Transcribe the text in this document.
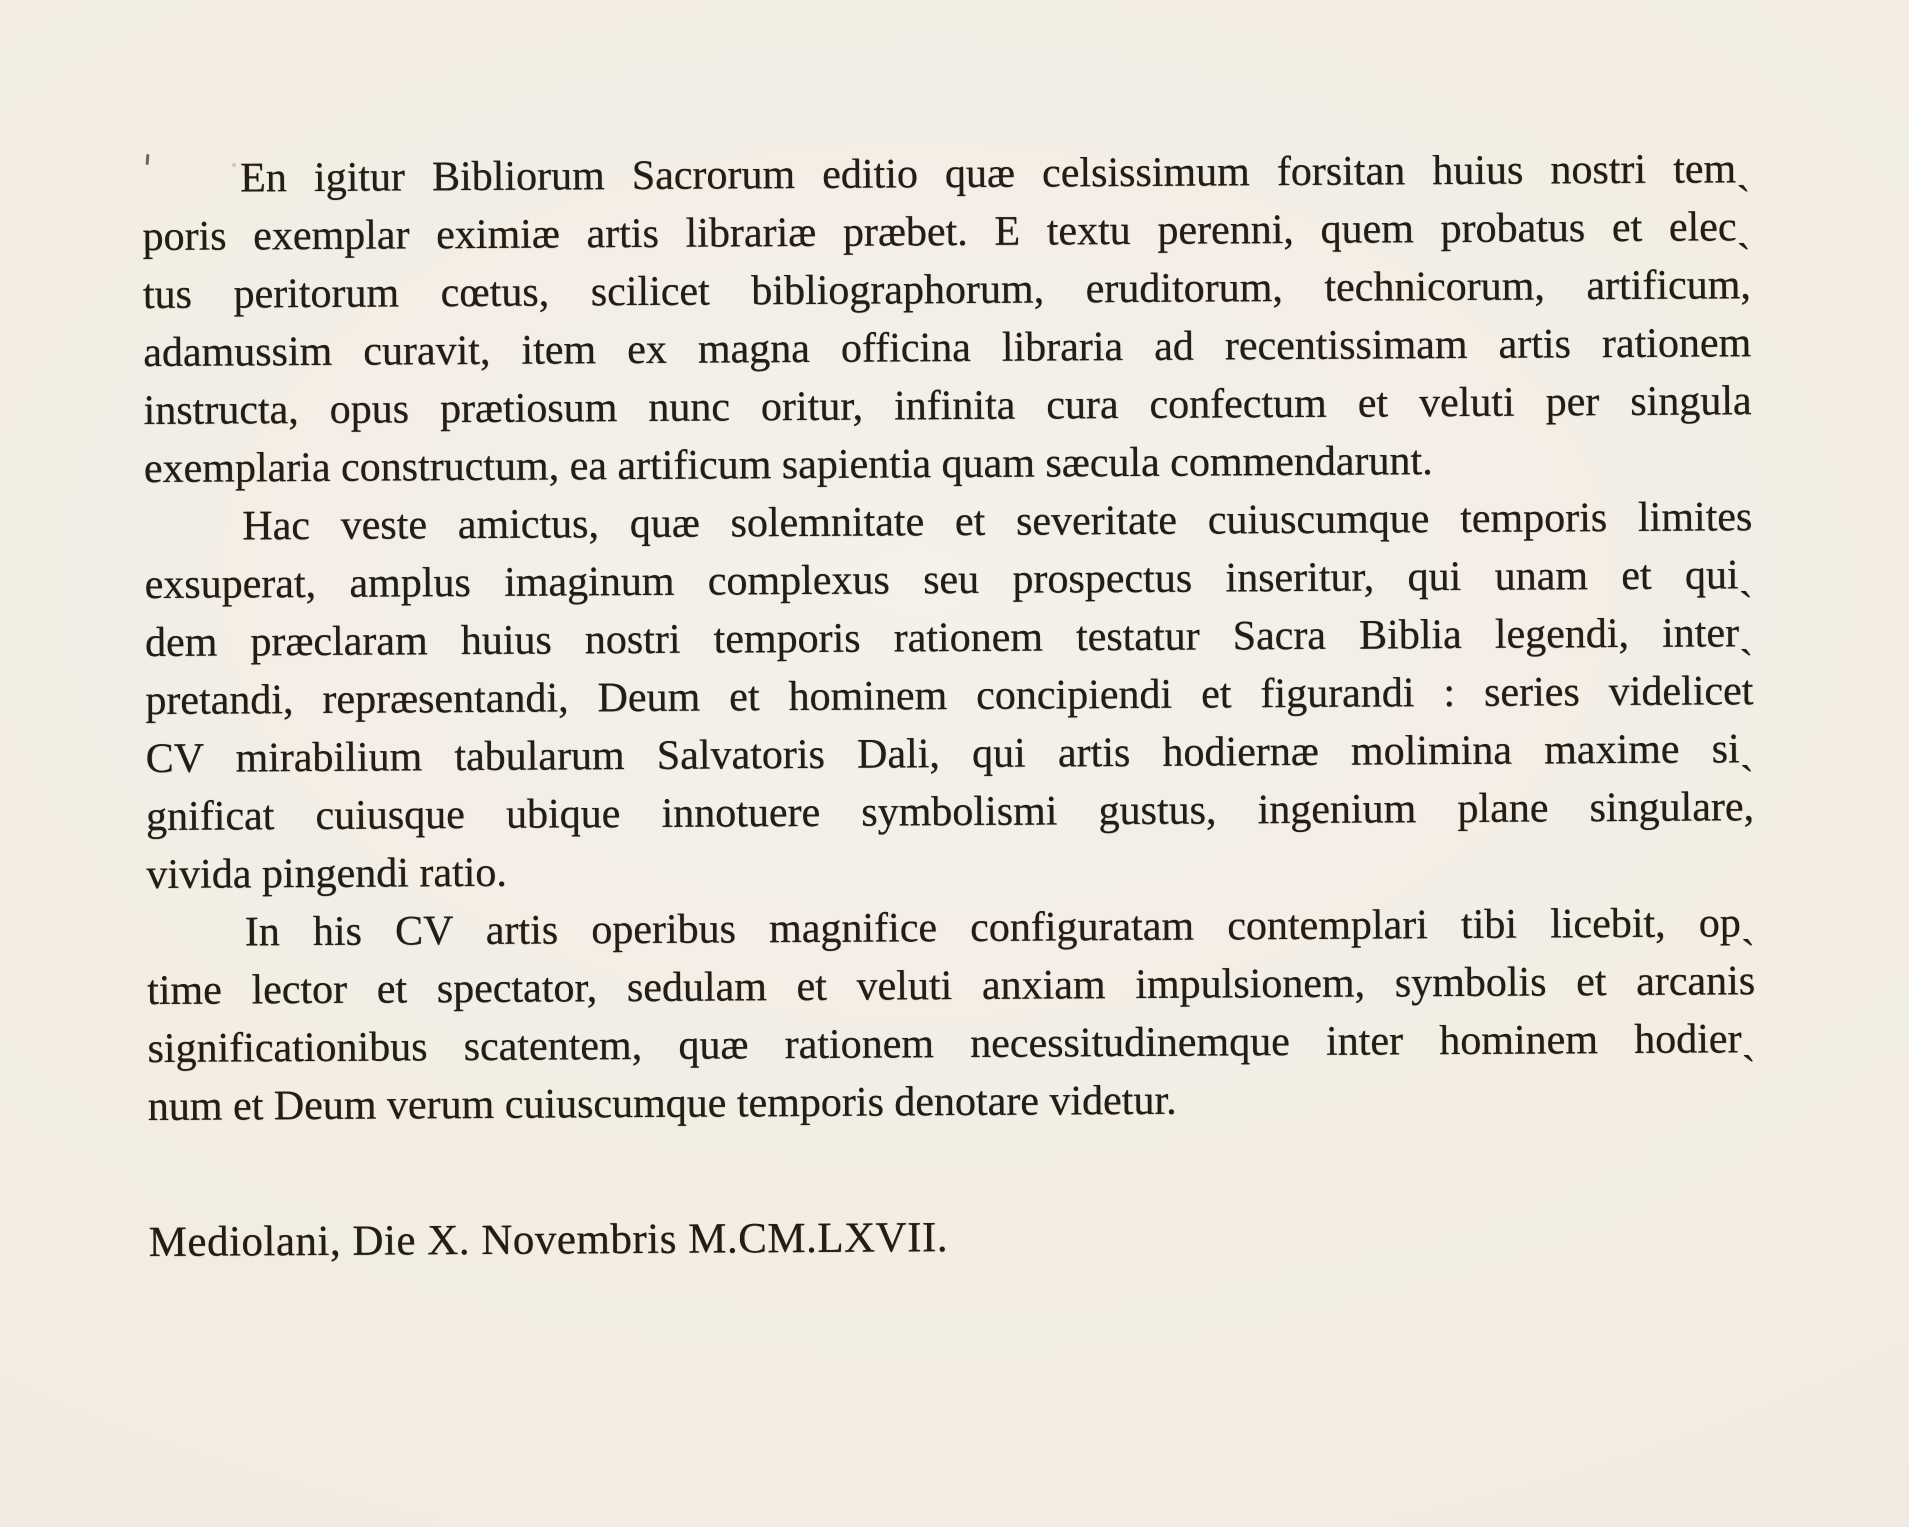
En igitur Bibliorum Sacrorum editio quæ celsissimum forsitan huius nostri temˏ
poris exemplar eximiæ artis librariæ præbet. E textu perenni, quem probatus et elecˏ
tus peritorum cœtus, scilicet bibliographorum, eruditorum, technicorum, artificum,
adamussim curavit, item ex magna officina libraria ad recentissimam artis rationem
instructa, opus prætiosum nunc oritur, infinita cura confectum et veluti per singula
exemplaria constructum, ea artificum sapientia quam sæcula commendarunt.
Hac veste amictus, quæ solemnitate et severitate cuiuscumque temporis limites
exsuperat, amplus imaginum complexus seu prospectus inseritur, qui unam et quiˏ
dem præclaram huius nostri temporis rationem testatur Sacra Biblia legendi, interˏ
pretandi, repræsentandi, Deum et hominem concipiendi et figurandi : series videlicet
CV mirabilium tabularum Salvatoris Dali, qui artis hodiernæ molimina maxime siˏ
gnificat cuiusque ubique innotuere symbolismi gustus, ingenium plane singulare,
vivida pingendi ratio.
In his CV artis operibus magnifice configuratam contemplari tibi licebit, opˏ
time lector et spectator, sedulam et veluti anxiam impulsionem, symbolis et arcanis
significationibus scatentem, quæ rationem necessitudinemque inter hominem hodierˏ
num et Deum verum cuiuscumque temporis denotare videtur.
Mediolani, Die X. Novembris M.CM.LXVII.
